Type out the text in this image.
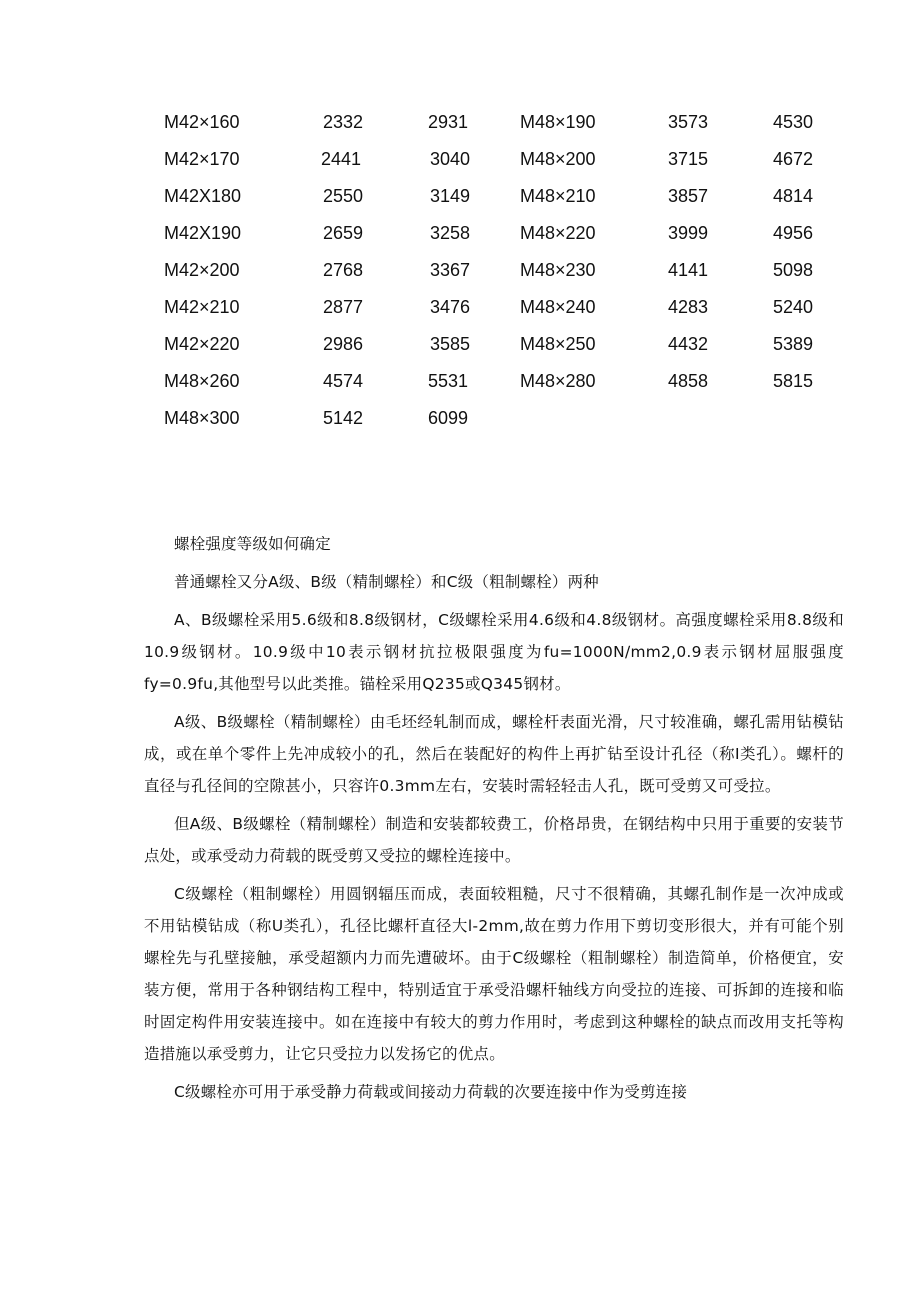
M42×160	2332	2931	M48×190	3573	4530
M42×170	2441	3040	M48×200	3715	4672
M42X180	2550	3149	M48×210	3857	4814
M42X190	2659	3258	M48×220	3999	4956
M42×200	2768	3367	M48×230	4141	5098
M42×210	2877	3476	M48×240	4283	5240
M42×220	2986	3585	M48×250	4432	5389
M48×260	4574	5531	M48×280	4858	5815
M48×300	5142	6099

螺栓强度等级如何确定

普通螺栓又分A级、B级（精制螺栓）和C级（粗制螺栓）两种

A、B级螺栓采用5.6级和8.8级钢材，C级螺栓采用4.6级和4.8级钢材。高强度螺栓采用8.8级和10.9级钢材。10.9级中10表示钢材抗拉极限强度为fu=1000N∕mm2,0.9表示钢材屈服强度fy=0.9fu,其他型号以此类推。锚栓采用Q235或Q345钢材。

A级、B级螺栓（精制螺栓）由毛坯经轧制而成，螺栓杆表面光滑，尺寸较准确，螺孔需用钻模钻成，或在单个零件上先冲成较小的孔，然后在装配好的构件上再扩钻至设计孔径（称I类孔）。螺杆的直径与孔径间的空隙甚小，只容许0.3mm左右，安装时需轻轻击人孔，既可受剪又可受拉。

但A级、B级螺栓（精制螺栓）制造和安装都较费工，价格昂贵，在钢结构中只用于重要的安装节点处，或承受动力荷载的既受剪又受拉的螺栓连接中。

C级螺栓（粗制螺栓）用圆钢辐压而成，表面较粗糙，尺寸不很精确，其螺孔制作是一次冲成或不用钻模钻成（称U类孔），孔径比螺杆直径大l-2mm,故在剪力作用下剪切变形很大，并有可能个别螺栓先与孔壁接触，承受超额内力而先遭破坏。由于C级螺栓（粗制螺栓）制造简单，价格便宜，安装方便，常用于各种钢结构工程中，特别适宜于承受沿螺杆轴线方向受拉的连接、可拆卸的连接和临时固定构件用安装连接中。如在连接中有较大的剪力作用时，考虑到这种螺栓的缺点而改用支托等构造措施以承受剪力，让它只受拉力以发扬它的优点。

C级螺栓亦可用于承受静力荷载或间接动力荷载的次要连接中作为受剪连接
